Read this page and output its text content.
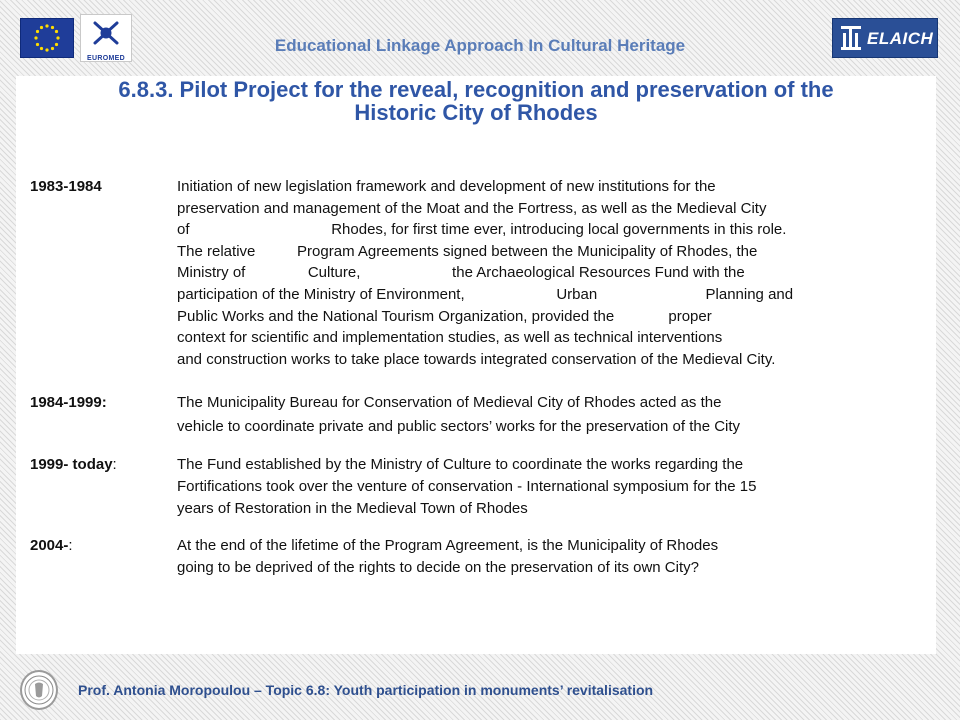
EUROMED
Educational Linkage Approach In Cultural Heritage	ELAICH
6.8.3. Pilot Project for the reveal, recognition and preservation of the
Historic City of Rhodes
1983-1984	Initiation of new legislation framework and development of new institutions for the
preservation and management of the Moat and the Fortress, as well as the Medieval City
of                                  Rhodes, for first time ever, introducing local governments in this role.
The relative          Program Agreements signed between the Municipality of Rhodes, the
Ministry of               Culture,                      the Archaeological Resources Fund with the
participation of the Ministry of Environment,                      Urban                          Planning and
Public Works and the National Tourism Organization, provided the             proper
context for scientific and implementation studies, as well as technical interventions
and construction works to take place towards integrated conservation of the Medieval City.
1984-1999:	The Municipality Bureau for Conservation of Medieval City of Rhodes acted as the
vehicle to coordinate private and public sectors’ works for the preservation of the City
1999- today:	The Fund established by the Ministry of Culture to coordinate the works regarding the
Fortifications took over the venture of conservation - International symposium for the 15
years of Restoration in the Medieval Town of Rhodes
2004-:	At the end of the lifetime of the Program Agreement, is the Municipality of Rhodes
going to be deprived of the rights to decide on the preservation of its own City?
Prof. Antonia Moropoulou – Topic 6.8: Youth participation in monuments’ revitalisation
